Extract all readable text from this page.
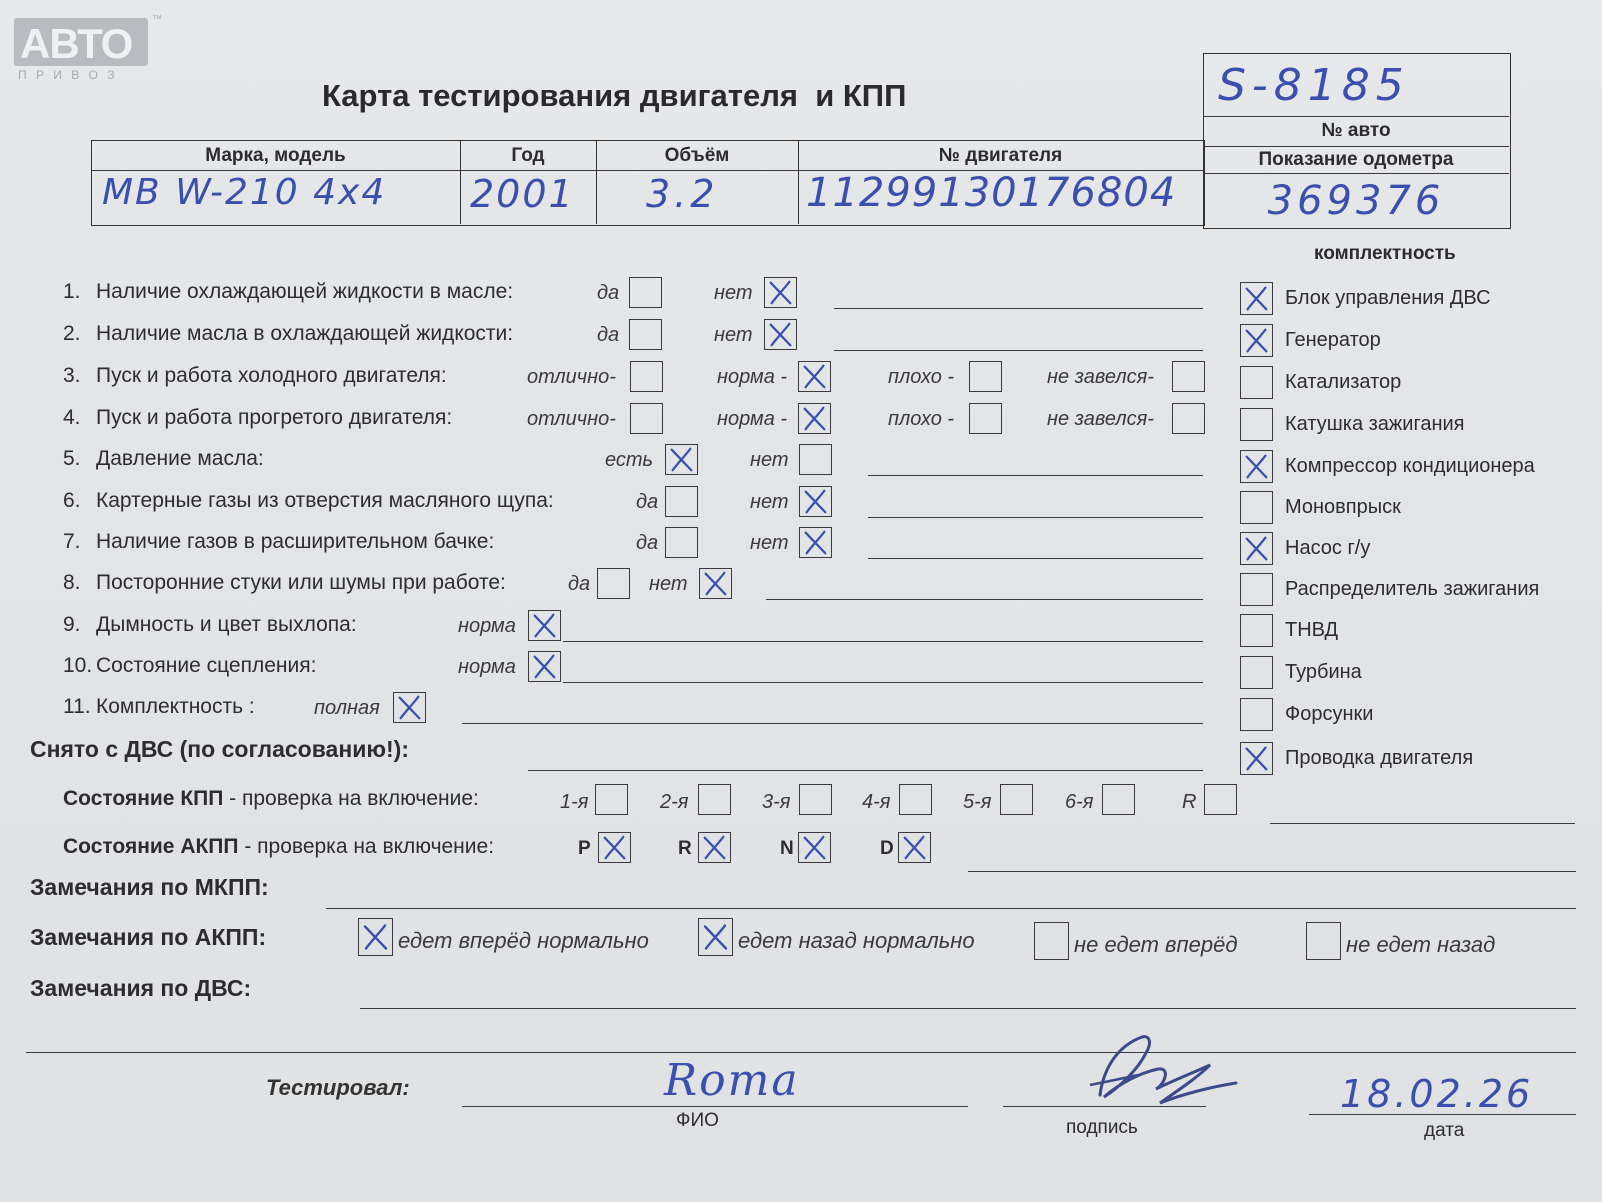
АВТО
™
П Р И В О З
Карта тестирования двигателя  и КПП	S-8185
№ авто
Показание одометра
369376
Марка, модель	Год	Объём	№ двигателя
MB W-210 4x4 2001 3.2 11299130176804
комплектность
Блок управления ДВС
Генератор
Катализатор
Катушка зажигания
Компрессор кондиционера
Моновпрыск
Насос г/у
Распределитель зажигания
ТНВД
Турбина
Форсунки
Проводка двигателя
1. Наличие охлаждающей жидкости в масле:	да	нет
2. Наличие масла в охлаждающей жидкости:	да	нет
3. Пуск и работа холодного двигателя:	отлично-	норма -	плохо -	не завелся-
4. Пуск и работа прогретого двигателя:	отлично-	норма -	плохо -	не завелся-
5. Давление масла:	есть	нет
6. Картерные газы из отверстия масляного щупа:	да	нет
7. Наличие газов в расширительном бачке:	да	нет
8. Посторонние стуки или шумы при работе:	да	нет
9. Дымность и цвет выхлопа:	норма
10. Состояние сцепления:	норма
11. Комплектность :	полная
Снято с ДВС (по согласованию!):
Состояние КПП - проверка на включение:	1-я	2-я	3-я	4-я	5-я	6-я	R
Состояние АКПП - проверка на включение:	P	R	N	D
Замечания по МКПП:
Замечания по АКПП:	едет вперёд нормально	едет назад нормально	не едет вперёд	не едет назад
Замечания по ДВС:
Тестировал:	Roma
ФИО	подпись
18.02.26
дата
